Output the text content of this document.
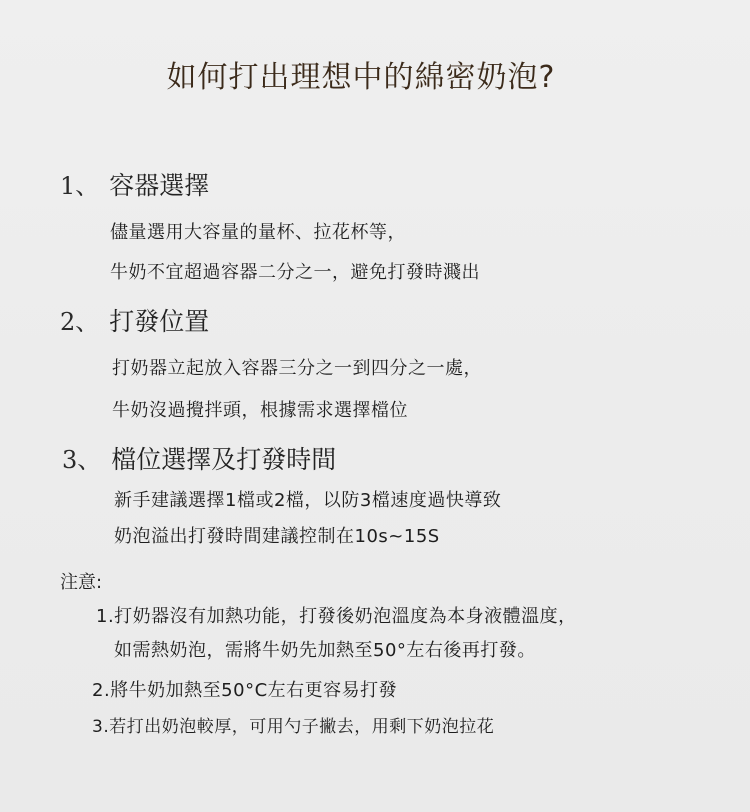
如何打出理想中的綿密奶泡?
1、 容器選擇
儘量選用大容量的量杯、拉花杯等，
牛奶不宜超過容器二分之一，避免打發時濺出
2、 打發位置
打奶器立起放入容器三分之一到四分之一處，
牛奶沒過攪拌頭，根據需求選擇檔位
3、 檔位選擇及打發時間
新手建議選擇1檔或2檔，以防3檔速度過快導致
奶泡溢出打發時間建議控制在10s~15S
注意:
1.打奶器沒有加熱功能，打發後奶泡溫度為本身液體溫度，
如需熱奶泡，需將牛奶先加熱至50°左右後再打發。
2.將牛奶加熱至50°C左右更容易打發
3.若打出奶泡較厚，可用勺子撇去，用剩下奶泡拉花
